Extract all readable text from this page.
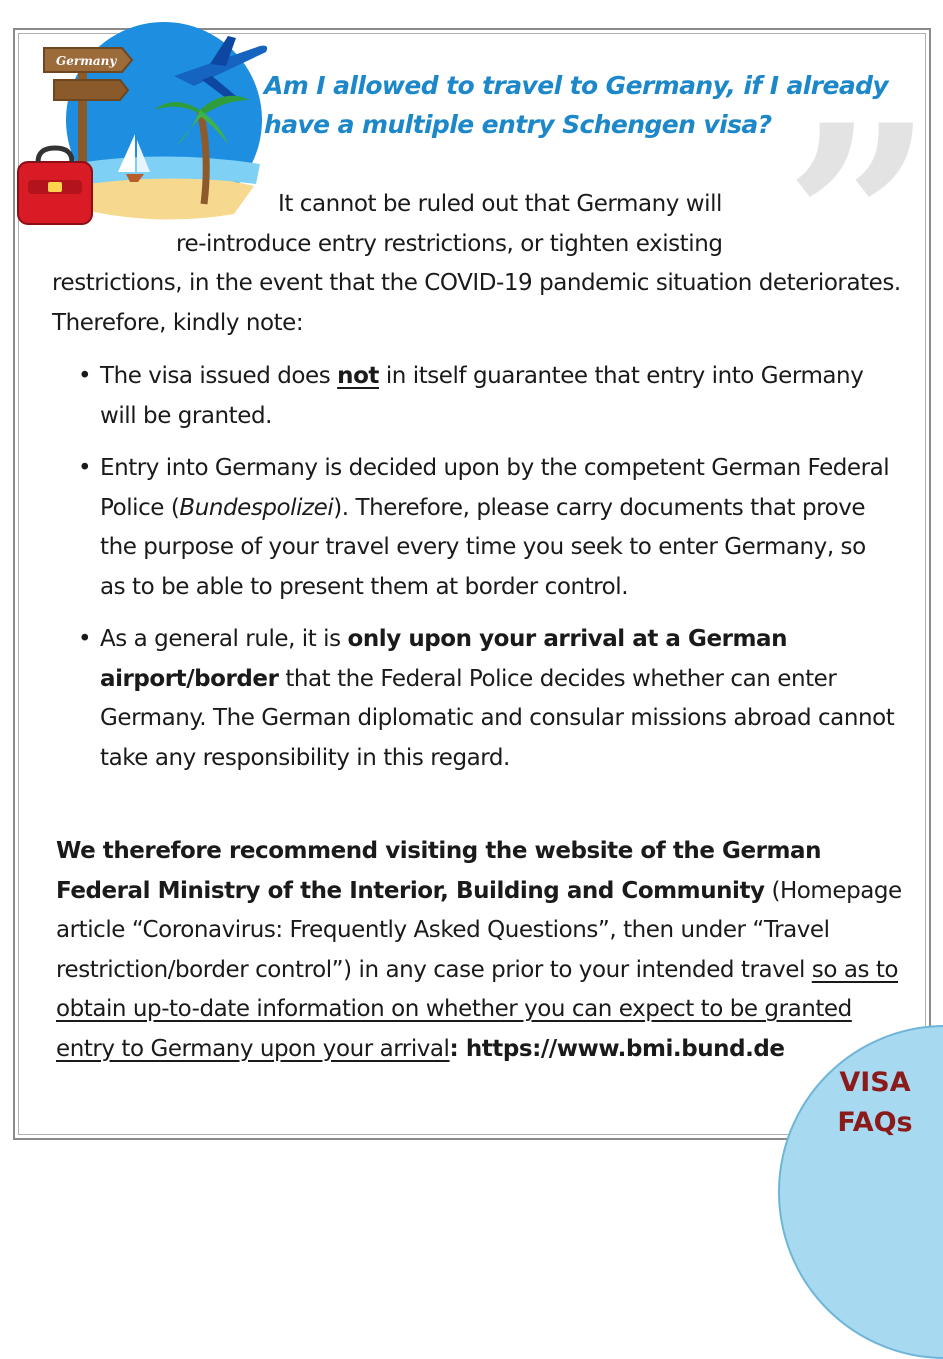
Germany

Am I allowed to travel to Germany, if I already have a multiple entry Schengen visa? ”

It cannot be ruled out that Germany will
re-introduce entry restrictions, or tighten existing
restrictions, in the event that the COVID-19 pandemic situation deteriorates. Therefore, kindly note:

• The visa issued does not in itself guarantee that entry into Germany will be granted.
• Entry into Germany is decided upon by the competent German Federal Police (Bundespolizei). Therefore, please carry documents that prove the purpose of your travel every time you seek to enter Germany, so as to be able to present them at border control.
• As a general rule, it is only upon your arrival at a German airport/border that the Federal Police decides whether can enter Germany. The German diplomatic and consular missions abroad cannot take any responsibility in this regard.

We therefore recommend visiting the website of the German Federal Ministry of the Interior, Building and Community (Homepage article “Coronavirus: Frequently Asked Questions”, then under “Travel restriction/border control”) in any case prior to your intended travel so as to obtain up-to-date information on whether you can expect to be granted entry to Germany upon your arrival: https://www.bmi.bund.de

VISA
FAQs
